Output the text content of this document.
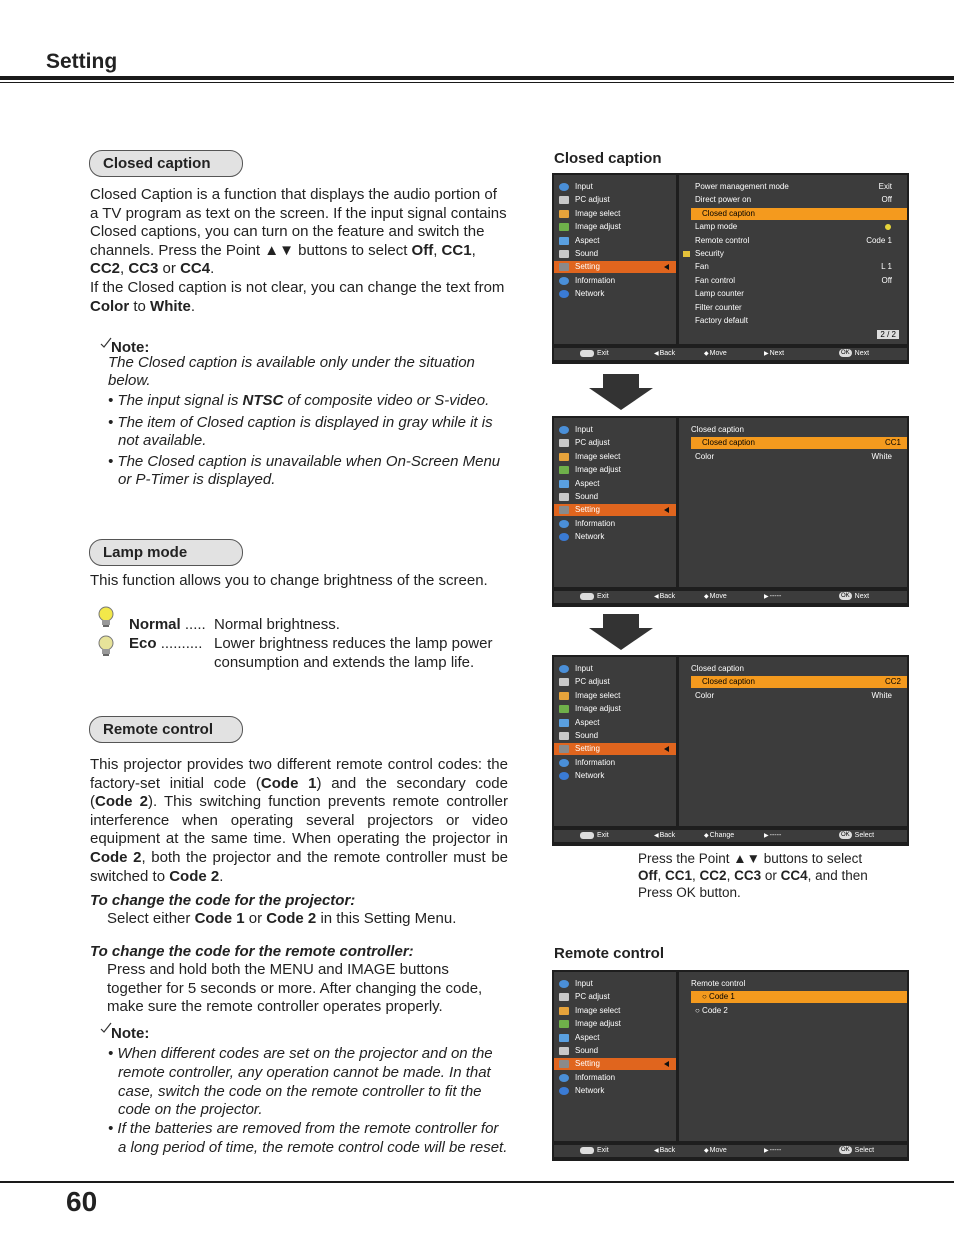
Setting
Closed caption
Closed Caption is a function that displays the audio portion of a TV program as text on the screen. If the input signal contains Closed captions, you can turn on the feature and switch the channels. Press the Point ▲▼ buttons to select Off, CC1, CC2, CC3 or CC4.
If the Closed caption is not clear, you can change the text from Color to White.
Note:
The Closed caption is available only under the situation below.
• The input signal is NTSC of composite video or S-video.
• The item of Closed caption is displayed in gray while it is not available.
• The Closed caption is unavailable when On-Screen Menu or P-Timer is displayed.
Lamp mode
This function allows you to change brightness of the screen.
Normal ..... Normal brightness.
Eco .......... Lower brightness reduces the lamp power consumption and extends the lamp life.
Remote control
This projector provides two different remote control codes: the factory-set initial code (Code 1) and the secondary code (Code 2). This switching function prevents remote controller interference when operating several projectors or video equipment at the same time. When operating the projector in Code 2, both the projector and the remote controller must be switched to Code 2.
To change the code for the projector:
Select either Code 1 or Code 2 in this Setting Menu.
To change the code for the remote controller:
Press and hold both the MENU and IMAGE buttons together for 5 seconds or more. After changing the code, make sure the remote controller operates properly.
Note:
• When different codes are set on the projector and on the remote controller, any operation cannot be made. In that case, switch the code on the remote controller to fit the code on the projector.
• If the batteries are removed from the remote controller for a long period of time, the remote control code will be reset.
Closed caption
Input
PC adjust
Image select
Image adjust
Aspect
Sound
Setting
Information
Network
2 / 2
Power management mode	Exit
Direct power on	Off
Closed caption
Lamp mode
Remote control	Code 1
Security
Fan	L 1
Fan control	Off
Lamp counter
Filter counter
Factory default
Exit	◀Back	◆Move	▶Next	OK Next
Input
PC adjust
Image select
Image adjust
Aspect
Sound
Setting
Information
Network
Closed caption
Closed caption	CC1
Color	White
Exit	◀Back	◆Move	▶-----	OK Next
Input
PC adjust
Image select
Image adjust
Aspect
Sound
Setting
Information
Network
Closed caption
Closed caption	CC2
Color	White
Exit	◀Back	◆Change	▶-----	OK Select
Press the Point ▲▼ buttons to select Off, CC1, CC2, CC3 or CC4, and then Press OK button.
Remote control
Input
PC adjust
Image select
Image adjust
Aspect
Sound
Setting
Information
Network
Remote control
○ Code 1
○ Code 2
Exit	◀Back	◆Move	▶-----	OK Select
60
